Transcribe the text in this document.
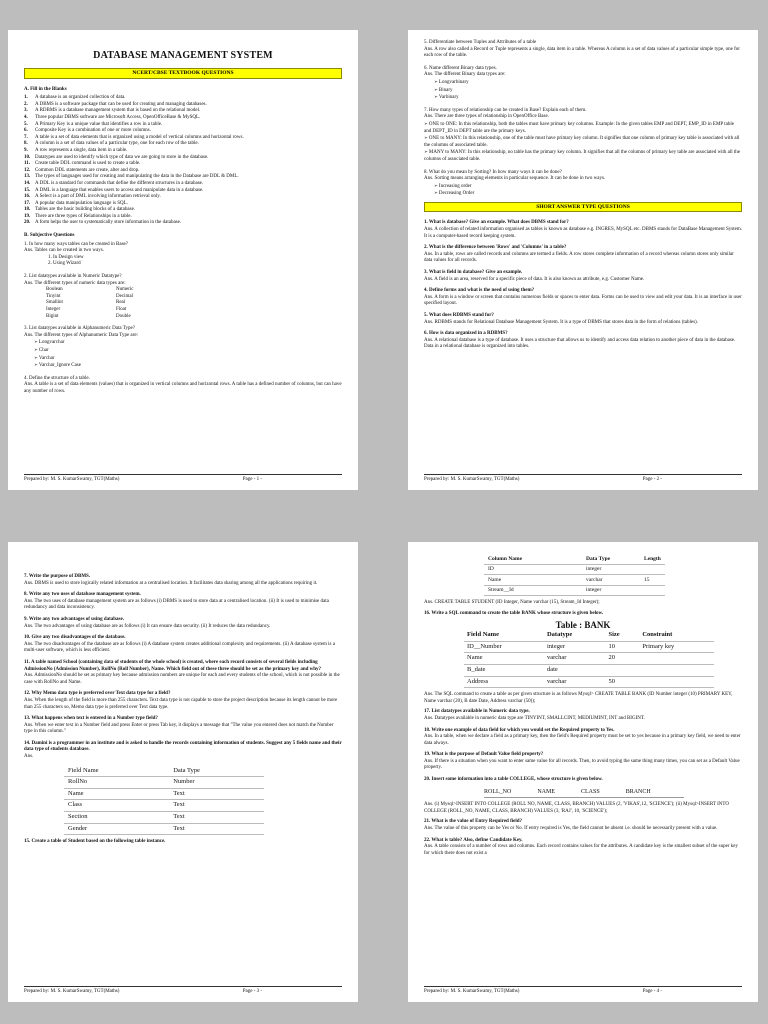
DATABASE MANAGEMENT SYSTEM
NCERT/CBSE TEXTBOOK QUESTIONS
A. Fill in the Blanks
1.	A database is an organized collection of data.
2.	A DBMS is a software package that can be used for creating and managing databases.
3.	A RDBMS is a database management system that is based on the relational model.
4.	Three popular DBMS software are Microsoft Access, OpenOfficeBase & MySQL.
5.	A Primary Key is a unique value that identifies a row in a table.
6.	Composite Key is a combination of one or more columns.
7.	A table is a set of data elements that is organized using a model of vertical columns and horizontal rows.
8.	A column is a set of data values of a particular type, one for each row of the table.
9.	A row represents a single, data item in a table.
10. Datatypes are used to identify which type of data we are going to store in the database.
11.	Create table DDL command is used to create a table.
12. Common DDL statements are create, alter and drop.
13. The types of languages used for creating and manipulating the data in the Database are DDL & DML.
14. A DDL is a standard for commands that define the different structures in a database.
15. A DML is a language that enables users to access and manipulate data in a database.
16. A Select is a part of DML involving information retrieval only.
17. A popular data manipulation language is SQL.
18. Tables are the basic building blocks of a database.
19. There are three types of Relationships in a table.
20. A form helps the user to systematically store information in the database.
B. Subjective Questions

1. In how many ways tables can be created in Base?

Ans. Tables can be created in two ways.

1. In Design view
2. Using Wizard

2. List datatypes available in Numeric Datatype?

Ans. The different types of numeric data types are:

Boolean	Numeric
Tinyint	Decimal
Smallint	Real
Integer	Float
Bigint	Double

3. List datatypes available in Alphanumeric Data Type?

Ans. The different types of Alphanumeric Data Type are:

➢ Longvarchar
➢ Char
➢ Varchar
➢ Varchar_Ignore Case

4. Define the structure of a table.

Ans. A table is a set of data elements (values) that is organized in vertical columns and horizontal rows. A table has a defined number of columns, but can have any number of rows.

Prepared by: M. S. KumarSwamy, TGT(Maths)	Page - 1 -

5. Differentiate between Tuples and Attributes of a table

Ans. A row also called a Record or Tuple represents a single, data item in a table. Whereas A column is a set of data values of a particular simple type, one for each row of the table.

6. Name different Binary data types.

Ans. The different Binary data types are:

➢ Longvarbinary
➢ Binary
➢ Varbinary

7. How many types of relationship can be created in Base? Explain each of them.

Ans. There are three types of relationship in OpenOffice Base.

➢ ONE to ONE: In this relationship, both the tables must have primary key columns. Example: In the given tables EMP and DEPT, EMP_ID in EMP table and DEPT_ID in DEPT table are the primary keys.
➢ ONE to MANY: In this relationship, one of the table must have primary key column. It signifies that one column of primary key table is associated with all the columns of associated table.
➢ MANY to MANY: In this relationship, no table has the primary key column. It signifies that all the columns of primary key table are associated with all the columns of associated table.

8. What do you mean by Sorting? In how many ways it can be done?

Ans. Sorting means arranging elements in particular sequence. It can be done in two ways.

➢ Increasing order
➢ Decreasing Order
SHORT ANSWER TYPE QUESTIONS
1. What is database? Give an example. What does DBMS stand for?
Ans. A collection of related information organised as tables is known as database e.g. INGRES, MySQL etc. DBMS stands for DataBase Management System. It is a computer-based record keeping system.
2. What is the difference between 'Rows' and 'Columns' in a table?
Ans. In a table, rows are called records and columns are termed a fields. A row stores complete information of a record whereas column stores only similar data values for all records.
3. What is field in database? Give an example.
Ans. A field is an area, reserved for a specific piece of data. It is also known as attribute, e.g. Customer Name.
4. Define forms and what is the need of using them?
Ans. A form is a window or screen that contains numerous fields or spaces to enter data. Forms can be used to view and edit your data. It is an interface in user specified layout.
5. What does RDBMS stand for?
Ans. RDBMS stands for Relational Database Management System. It is a type of DBMS that stores data in the form of relations (tables).
6. How is data organized in a RDBMS?
Ans. A relational database is a type of database. It uses a structure that allows us to identify and access data relation to another piece of data in the database. Data in a relational database is organized into tables.
Prepared by: M. S. KumarSwamy, TGT(Maths)	Page - 2 -
7. Write the purpose of DBMS.
Ans. DBMS is used to store logically related information at a centralised location. It facilitates data sharing among all the applications requiring it.
8. Write any two uses of database management system.
Ans. The two uses of database management system are as follows (i) DBMS is used to store data at a centralised location. (ii) It is used to minimise data redundancy and data inconsistency.
9. Write any two advantages of using database.
Ans. The two advantages of using database are as follows (i) It can ensure data security. (ii) It reduces the data redundancy.
10. Give any two disadvantages of the database.
Ans. The two disadvantages of the database are as follows (i) A database system creates additional complexity and requirements. (ii) A database system is a multi-user software, which is less efficient.
11. A table named School (containing data of students of the whole school) is created, where each record consists of several fields including AdmissionNo (Admission Number), RollNo (Roll Number), Name. Which field out of these three should be set as the primary key and why?
Ans. AdmissionNo should be set as primary key because admission numbers are unique for each and every students of the school, which is not possible in the case with RollNo and Name.
12. Why Memo data type is preferred over Text data type for a field?
Ans. When the length of the field is more than 255 characters. Text data type is not capable to store the project description because its length cannot be more than 255 characters so, Memo data type is preferred over Text data type.
13. What happens when text is entered in a Number type field?
Ans. When we enter text in a Number field and press Enter or press Tab key, it displays a message that "The value you entered does not match the Number type in this column."
14. Damini is a programmer in an institute and is asked to handle the records containing information of students. Suggest any 5 fields name and their data type of students database.
Ans.
Field Name	Data Type
RollNo	Number
Name	Text
Class	Text
Section	Text
Gender	Text

15. Create a table of Student based on the following table instance.

Prepared by: M. S. KumarSwamy, TGT(Maths)	Page - 3 -
Column Name	Data Type	Length
ID	integer	
Name	varchar	15
Stream__Id	integer	

Ans. CREATE TABLE STUDENT (ID Integer, Name varchar (15), Stream_Id Integer);

16. Write a SQL command to create the table BANK whose structure is given below.

Table : BANK
Field Name	Datatype	Size	Constraint
ID__Number	integer	10	Primary key
Name	varchar	20	
B_date	date		
Address	varchar	50	

Ans. The SQL command to create a table as per given structure is as follows Mysql> CREATE TABLE BANK (ID Number integer (10) PRIMARY KEY, Name varchar (20), B date Date, Address varchar (50));

17. List datatypes available in Numeric data type.
Ans. Datatypes available in numeric data type are TINYINT, SMALLCINT, MEDIUMINT, INT and BIGINT.
18. Write one example of data field for which you would set the Required property to Yes.
Ans. In a table, when we declare a field as a primary key, then the field's Required property must be set to yes because in a primary key field, we need to enter data always.
19. What is the purpose of Default Value field property?
Ans. If there is a situation when you want to enter same value for all records. Then, to avoid typing the same thing many times, you can set as a Default Value property.
20. Insert some information into a table COLLEGE, whose structure is given below.
ROLL_NO	NAME	CLASS	BRANCH

Ans. (i) Mysql>INSERT INTO COLLEGE (ROLL NO, NAME, CLASS, BRANCH) VALUES (2, 'VIKAS',12, 'SCIENCE'); (ii) Mysql>INSERT INTO COLLEGE (ROLL_NO, NAME, CLASS, BRANCH) VALUES (3, 'RAJ', 10, 'SCIENCE');

21. What is the value of Entry Required field?
Ans. The value of this property can be Yes or No. If entry required is Yes, the field cannot be absent i.e. should be necessarily present with a value.
22. What is table? Also, define Candidate Key.
Ans. A table consists of a number of rows and columns. Each record contains values for the attributes. A candidate key is the smallest subset of the super key for which there does not exist a
Prepared by: M. S. KumarSwamy, TGT(Maths)	Page - 4 -
